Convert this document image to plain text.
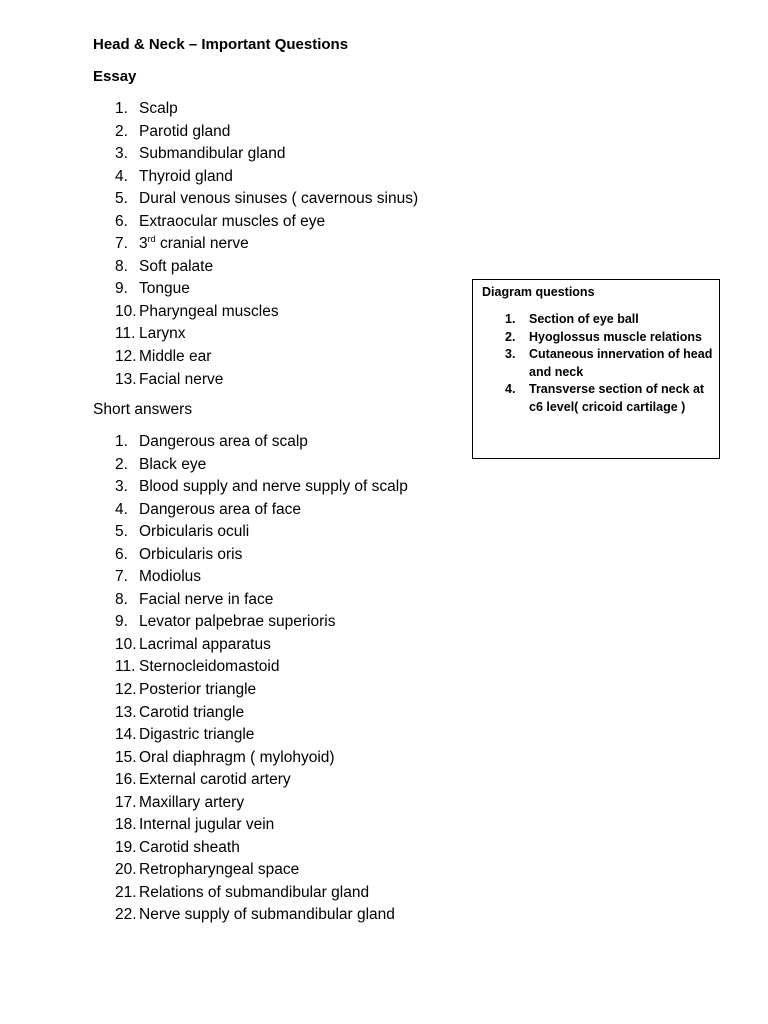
Head & Neck – Important Questions
Essay
1. Scalp
2. Parotid gland
3. Submandibular gland
4. Thyroid gland
5. Dural venous sinuses ( cavernous sinus)
6. Extraocular muscles of eye
7. 3rd cranial nerve
8. Soft palate
9. Tongue
10. Pharyngeal muscles
11. Larynx
12. Middle ear
13. Facial nerve
Short answers
1. Dangerous area of scalp
2. Black eye
3. Blood supply and nerve supply of scalp
4. Dangerous area of face
5. Orbicularis oculi
6. Orbicularis oris
7. Modiolus
8. Facial nerve in face
9. Levator palpebrae superioris
10. Lacrimal apparatus
11. Sternocleidomastoid
12. Posterior triangle
13. Carotid triangle
14. Digastric triangle
15. Oral diaphragm ( mylohyoid)
16. External carotid artery
17. Maxillary artery
18. Internal jugular vein
19. Carotid sheath
20. Retropharyngeal space
21. Relations of submandibular gland
22. Nerve supply of submandibular gland
Diagram questions
1. Section of eye ball
2. Hyoglossus muscle relations
3. Cutaneous innervation of head and neck
4. Transverse section of neck at c6 level( cricoid cartilage )
